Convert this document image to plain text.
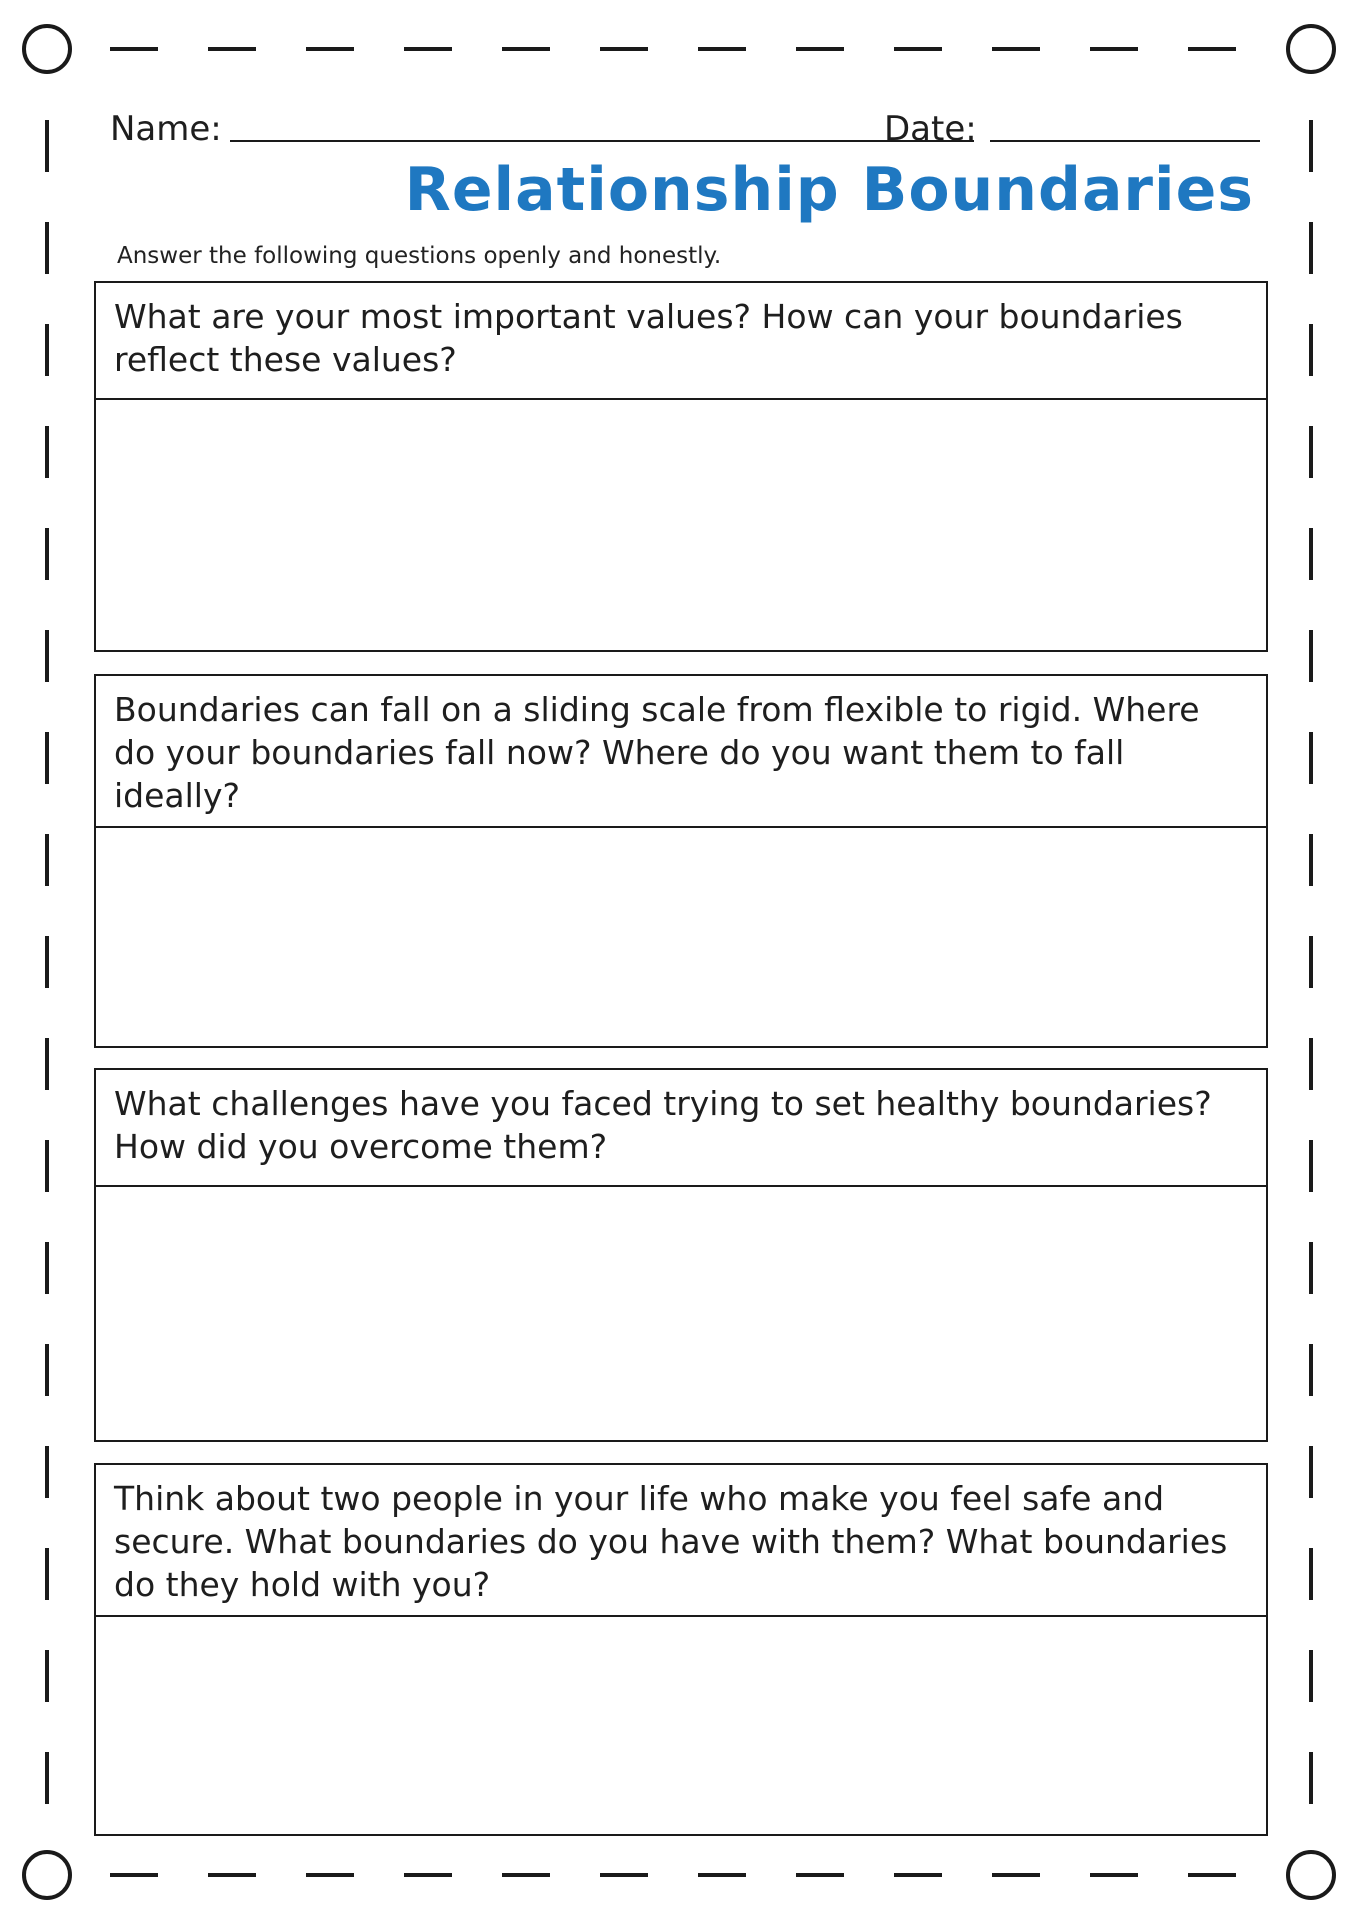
Name:	Date:
Relationship Boundaries
Answer the following questions openly and honestly.
What are your most important values? How can your boundaries reflect these values?
Boundaries can fall on a sliding scale from flexible to rigid. Where do your boundaries fall now? Where do you want them to fall ideally?
What challenges have you faced trying to set healthy boundaries? How did you overcome them?
Think about two people in your life who make you feel safe and secure. What boundaries do you have with them? What boundaries do they hold with you?
